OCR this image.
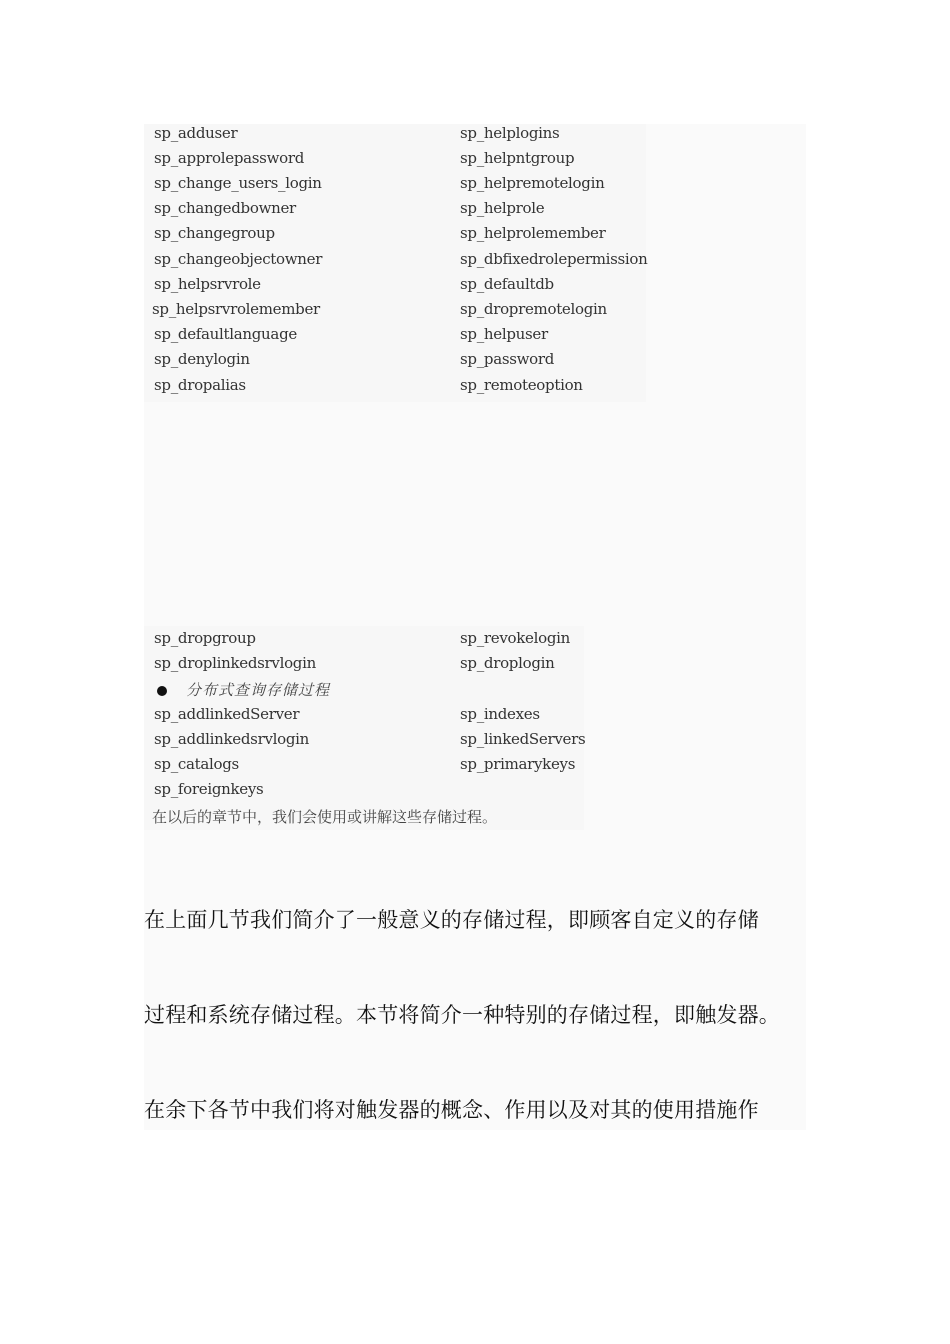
sp_adduser	sp_helplogins
sp_approlepassword	sp_helpntgroup
sp_change_users_login	sp_helpremotelogin
sp_changedbowner	sp_helprole
sp_changegroup	sp_helprolemember
sp_changeobjectowner	sp_dbfixedrolepermission
sp_helpsrvrole	sp_defaultdb
sp_helpsrvrolemember	sp_dropremotelogin
sp_defaultlanguage	sp_helpuser
sp_denylogin	sp_password
sp_dropalias	sp_remoteoption
sp_dropgroup	sp_revokelogin
sp_droplinkedsrvlogin	sp_droplogin
分布式查询存储过程
sp_addlinkedServer	sp_indexes
sp_addlinkedsrvlogin	sp_linkedServers
sp_catalogs	sp_primarykeys
sp_foreignkeys
在以后的章节中，我们会使用或讲解这些存储过程。
在上面几节我们简介了一般意义的存储过程，即顾客自定义的存储
过程和系统存储过程。本节将简介一种特别的存储过程，即触发器。
在余下各节中我们将对触发器的概念、作用以及对其的使用措施作
